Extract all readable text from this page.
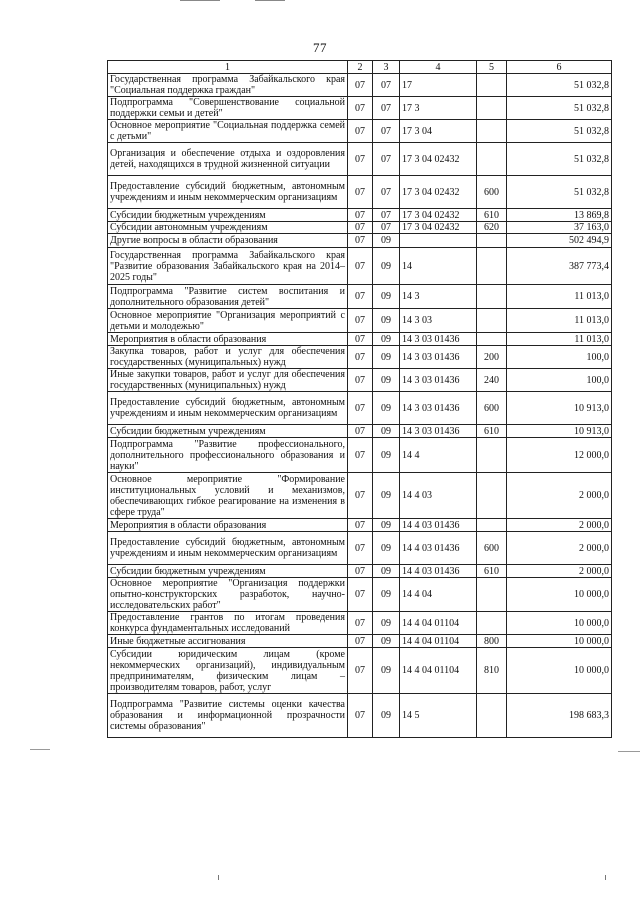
77
1	2	3	4	5	6
Государственная программа Забайкальского края "Социальная поддержка граждан"	07	07	17		51 032,8
Подпрограмма "Совершенствование социальной поддержки семьи и детей"	07	07	17 3		51 032,8
Основное мероприятие "Социальная поддержка семей с детьми"	07	07	17 3 04		51 032,8
Организация и обеспечение отдыха и оздоровления детей, находящихся в трудной жизненной ситуации	07	07	17 3 04 02432		51 032,8
Предоставление субсидий бюджетным, автономным учреждениям и иным некоммерческим организациям	07	07	17 3 04 02432	600	51 032,8
Субсидии бюджетным учреждениям	07	07	17 3 04 02432	610	13 869,8
Субсидии автономным учреждениям	07	07	17 3 04 02432	620	37 163,0
Другие вопросы в области образования	07	09			502 494,9
Государственная программа Забайкальского края "Развитие образования Забайкальского края на 2014–2025 годы"	07	09	14		387 773,4
Подпрограмма "Развитие систем воспитания и дополнительного образования детей"	07	09	14 3		11 013,0
Основное мероприятие "Организация мероприятий с детьми и молодежью"	07	09	14 3 03		11 013,0
Мероприятия в области образования	07	09	14 3 03 01436		11 013,0
Закупка товаров, работ и услуг для обеспечения государственных (муниципальных) нужд	07	09	14 3 03 01436	200	100,0
Иные закупки товаров, работ и услуг для обеспечения государственных (муниципальных) нужд	07	09	14 3 03 01436	240	100,0
Предоставление субсидий бюджетным, автономным учреждениям и иным некоммерческим организациям	07	09	14 3 03 01436	600	10 913,0
Субсидии бюджетным учреждениям	07	09	14 3 03 01436	610	10 913,0
Подпрограмма "Развитие профессионального, дополнительного профессионального образования и науки"	07	09	14 4		12 000,0
Основное мероприятие "Формирование институциональных условий и механизмов, обеспечивающих гибкое реагирование на изменения в сфере труда"	07	09	14 4 03		2 000,0
Мероприятия в области образования	07	09	14 4 03 01436		2 000,0
Предоставление субсидий бюджетным, автономным учреждениям и иным некоммерческим организациям	07	09	14 4 03 01436	600	2 000,0
Субсидии бюджетным учреждениям	07	09	14 4 03 01436	610	2 000,0
Основное мероприятие "Организация поддержки опытно-конструкторских разработок, научно-исследовательских работ"	07	09	14 4 04		10 000,0
Предоставление грантов по итогам проведения конкурса фундаментальных исследований	07	09	14 4 04 01104		10 000,0
Иные бюджетные ассигнования	07	09	14 4 04 01104	800	10 000,0
Субсидии юридическим лицам (кроме некоммерческих организаций), индивидуальным предпринимателям, физическим лицам – производителям товаров, работ, услуг	07	09	14 4 04 01104	810	10 000,0
Подпрограмма "Развитие системы оценки качества образования и информационной прозрачности системы образования"	07	09	14 5		198 683,3
